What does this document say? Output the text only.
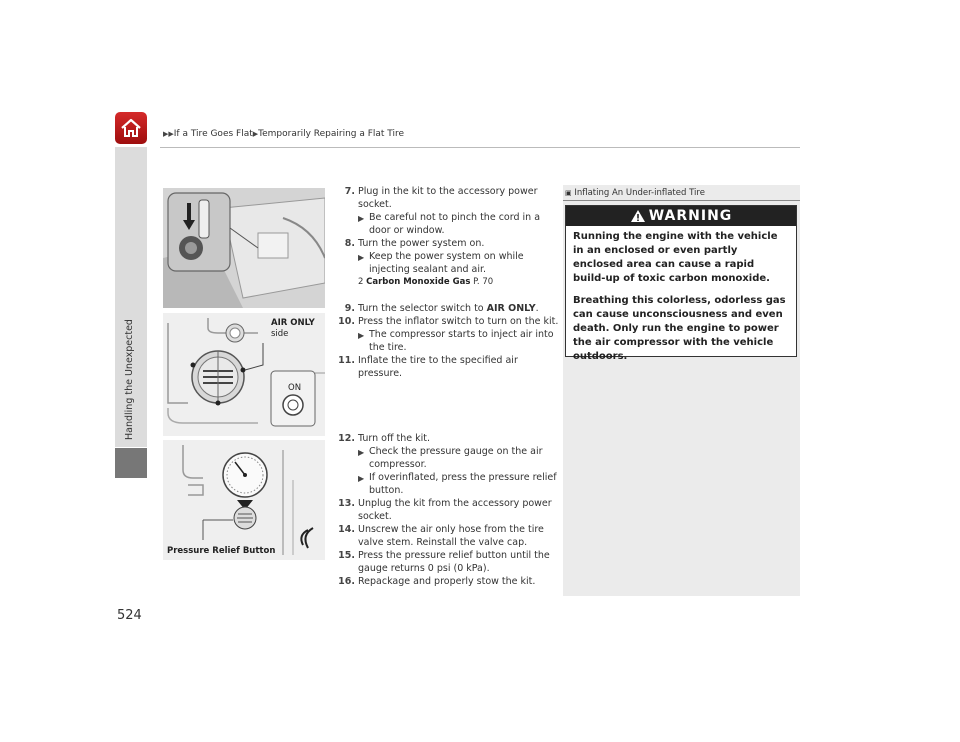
▶▶If a Tire Goes Flat▶Temporarily Repairing a Flat Tire
Handling the Unexpected
524
AIR ONLY
side
ON
Pressure Relief Button
7. Plug in the kit to the accessory power socket.
▶ Be careful not to pinch the cord in a door or window.
8. Turn the power system on.
▶ Keep the power system on while injecting sealant and air.
2 Carbon Monoxide Gas P. 70
9. Turn the selector switch to AIR ONLY.
10. Press the inflator switch to turn on the kit.
▶ The compressor starts to inject air into the tire.
11. Inflate the tire to the specified air pressure.
12. Turn off the kit.
▶ Check the pressure gauge on the air compressor.
▶ If overinflated, press the pressure relief button.
13. Unplug the kit from the accessory power socket.
14. Unscrew the air only hose from the tire valve stem. Reinstall the valve cap.
15. Press the pressure relief button until the gauge returns 0 psi (0 kPa).
16. Repackage and properly stow the kit.
▣ Inflating An Under-inflated Tire
WARNING

Running the engine with the vehicle in an enclosed or even partly enclosed area can cause a rapid build-up of toxic carbon monoxide.

Breathing this colorless, odorless gas can cause unconsciousness and even death. Only run the engine to power the air compressor with the vehicle outdoors.
